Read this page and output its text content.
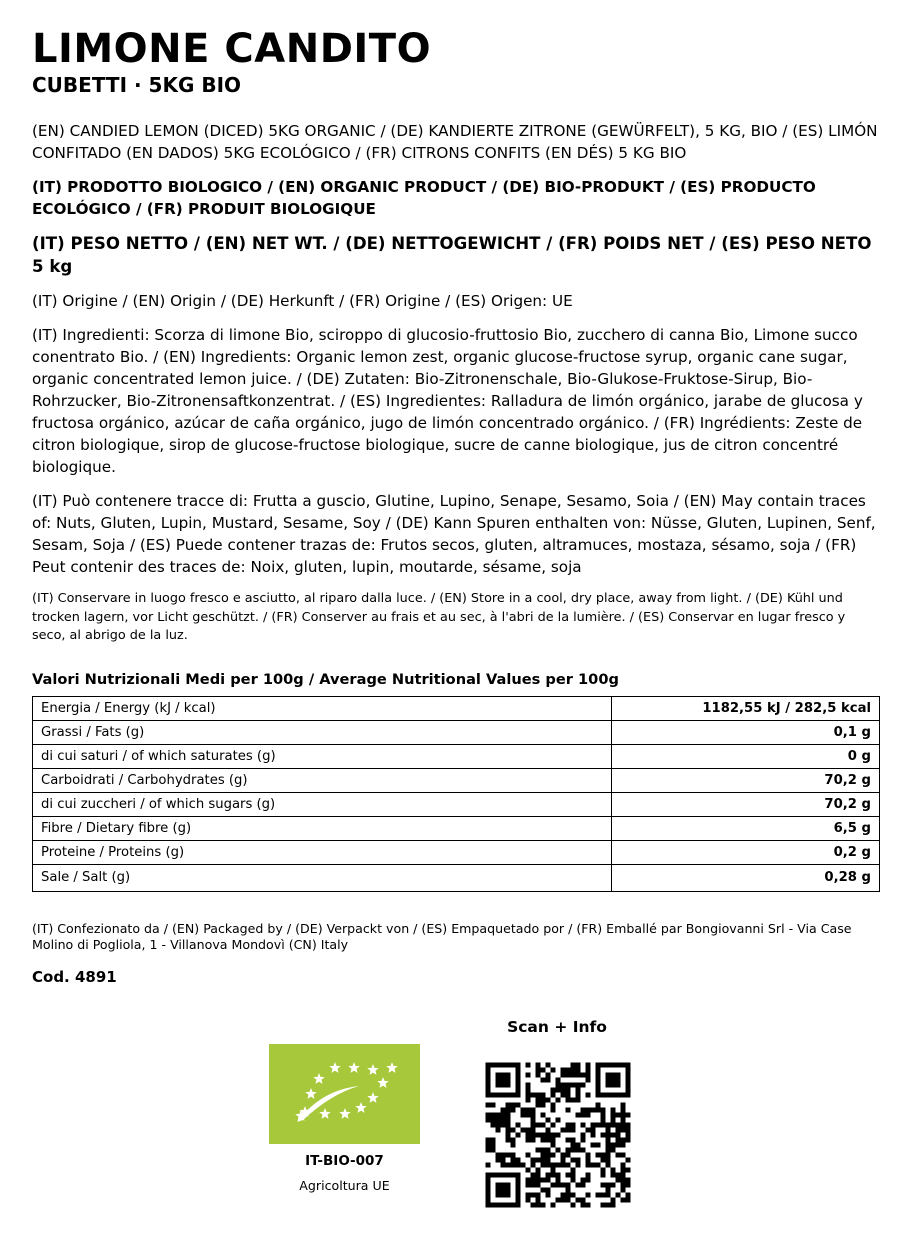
LIMONE CANDITO
CUBETTI · 5KG BIO

(EN) CANDIED LEMON (DICED) 5KG ORGANIC / (DE) KANDIERTE ZITRONE (GEWÜRFELT), 5 KG, BIO / (ES) LIMÓN CONFITADO (EN DADOS) 5KG ECOLÓGICO / (FR) CITRONS CONFITS (EN DÉS) 5 KG BIO

(IT) PRODOTTO BIOLOGICO / (EN) ORGANIC PRODUCT / (DE) BIO-PRODUKT / (ES) PRODUCTO ECOLÓGICO / (FR) PRODUIT BIOLOGIQUE

(IT) PESO NETTO / (EN) NET WT. / (DE) NETTOGEWICHT / (FR) POIDS NET / (ES) PESO NETO 5 kg

(IT) Origine / (EN) Origin / (DE) Herkunft / (FR) Origine / (ES) Origen: UE

(IT) Ingredienti: Scorza di limone Bio, sciroppo di glucosio-fruttosio Bio, zucchero di canna Bio, Limone succo conentrato Bio. / (EN) Ingredients: Organic lemon zest, organic glucose-fructose syrup, organic cane sugar, organic concentrated lemon juice. / (DE) Zutaten: Bio-Zitronenschale, Bio-Glukose-Fruktose-Sirup, Bio-Rohrzucker, Bio-Zitronensaftkonzentrat. / (ES) Ingredientes: Ralladura de limón orgánico, jarabe de glucosa y fructosa orgánico, azúcar de caña orgánico, jugo de limón concentrado orgánico. / (FR) Ingrédients: Zeste de citron biologique, sirop de glucose-fructose biologique, sucre de canne biologique, jus de citron concentré biologique.

(IT) Può contenere tracce di: Frutta a guscio, Glutine, Lupino, Senape, Sesamo, Soia / (EN) May contain traces of: Nuts, Gluten, Lupin, Mustard, Sesame, Soy / (DE) Kann Spuren enthalten von: Nüsse, Gluten, Lupinen, Senf, Sesam, Soja / (ES) Puede contener trazas de: Frutos secos, gluten, altramuces, mostaza, sésamo, soja / (FR) Peut contenir des traces de: Noix, gluten, lupin, moutarde, sésame, soja

(IT) Conservare in luogo fresco e asciutto, al riparo dalla luce. / (EN) Store in a cool, dry place, away from light. / (DE) Kühl und trocken lagern, vor Licht geschützt. / (FR) Conserver au frais et au sec, à l'abri de la lumière. / (ES) Conservar en lugar fresco y seco, al abrigo de la luz.

Valori Nutrizionali Medi per 100g / Average Nutritional Values per 100g
Energia / Energy (kJ / kcal)	1182,55 kJ / 282,5 kcal
Grassi / Fats (g)	0,1 g
di cui saturi / of which saturates (g)	0 g
Carboidrati / Carbohydrates (g)	70,2 g
di cui zuccheri / of which sugars (g)	70,2 g
Fibre / Dietary fibre (g)	6,5 g
Proteine / Proteins (g)	0,2 g
Sale / Salt (g)	0,28 g

(IT) Confezionato da / (EN) Packaged by / (DE) Verpackt von / (ES) Empaquetado por / (FR) Emballé par Bongiovanni Srl - Via Case Molino di Pogliola, 1 - Villanova Mondovì (CN) Italy

Cod. 4891
IT-BIO-007
Agricoltura UE
Scan + Info
